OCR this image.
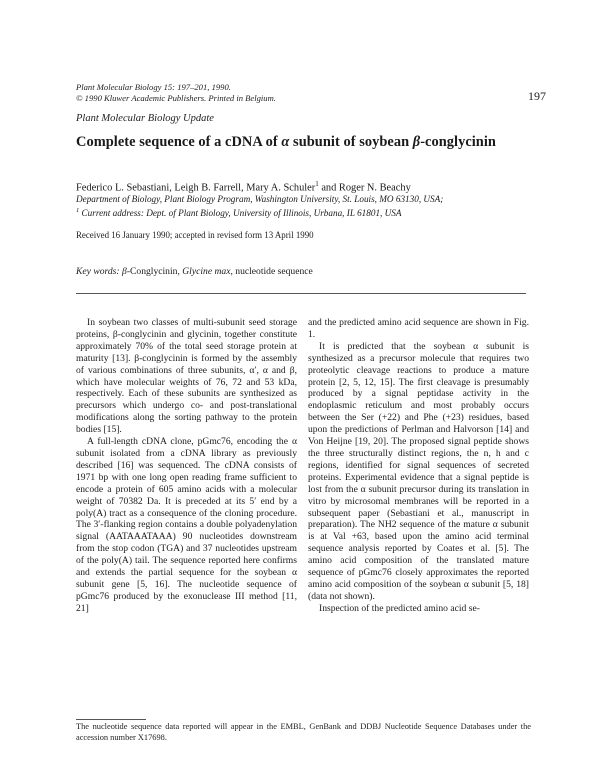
Plant Molecular Biology 15: 197–201, 1990.
© 1990 Kluwer Academic Publishers. Printed in Belgium.	197
Plant Molecular Biology Update
Complete sequence of a cDNA of α subunit of soybean β-conglycinin
Federico L. Sebastiani, Leigh B. Farrell, Mary A. Schuler$^1$ and Roger N. Beachy
Department of Biology, Plant Biology Program, Washington University, St. Louis, MO 63130, USA;
$^1$ Current address: Dept. of Plant Biology, University of Illinois, Urbana, IL 61801, USA
Received 16 January 1990; accepted in revised form 13 April 1990
Key words: β-Conglycinin, Glycine max, nucleotide sequence

In soybean two classes of multi-subunit seed storage proteins, β-conglycinin and glycinin, together constitute approximately 70% of the total seed storage protein at maturity [13]. β-conglycinin is formed by the assembly of various combinations of three subunits, α′, α and β, which have molecular weights of 76, 72 and 53 kDa, respectively. Each of these subunits are synthesized as precursors which undergo co- and post-translational modifications along the sorting pathway to the protein bodies [15].

A full-length cDNA clone, pGmc76, encoding the α subunit isolated from a cDNA library as previously described [16] was sequenced. The cDNA consists of 1971 bp with one long open reading frame sufficient to encode a protein of 605 amino acids with a molecular weight of 70382 Da. It is preceded at its 5′ end by a poly(A) tract as a consequence of the cloning procedure. The 3′-flanking region contains a double polyadenylation signal (AATAAATAAA) 90 nucleotides downstream from the stop codon (TGA) and 37 nucleotides upstream of the poly(A) tail. The sequence reported here confirms and extends the partial sequence for the soybean α subunit gene [5, 16]. The nucleotide sequence of pGmc76 produced by the exonuclease III method [11, 21]

and the predicted amino acid sequence are shown in Fig. 1.

It is predicted that the soybean α subunit is synthesized as a precursor molecule that requires two proteolytic cleavage reactions to produce a mature protein [2, 5, 12, 15]. The first cleavage is presumably produced by a signal peptidase activity in the endoplasmic reticulum and most probably occurs between the Ser (+22) and Phe (+23) residues, based upon the predictions of Perlman and Halvorson [14] and Von Heijne [19, 20]. The proposed signal peptide shows the three structurally distinct regions, the n, h and c regions, identified for signal sequences of secreted proteins. Experimental evidence that a signal peptide is lost from the α subunit precursor during its translation in vitro by microsomal membranes will be reported in a subsequent paper (Sebastiani et al., manuscript in preparation). The NH2 sequence of the mature α subunit is at Val +63, based upon the amino acid terminal sequence analysis reported by Coates et al. [5]. The amino acid composition of the translated mature sequence of pGmc76 closely approximates the reported amino acid composition of the soybean α subunit [5, 18] (data not shown).

Inspection of the predicted amino acid se-

The nucleotide sequence data reported will appear in the EMBL, GenBank and DDBJ Nucleotide Sequence Databases under the accession number X17698.
